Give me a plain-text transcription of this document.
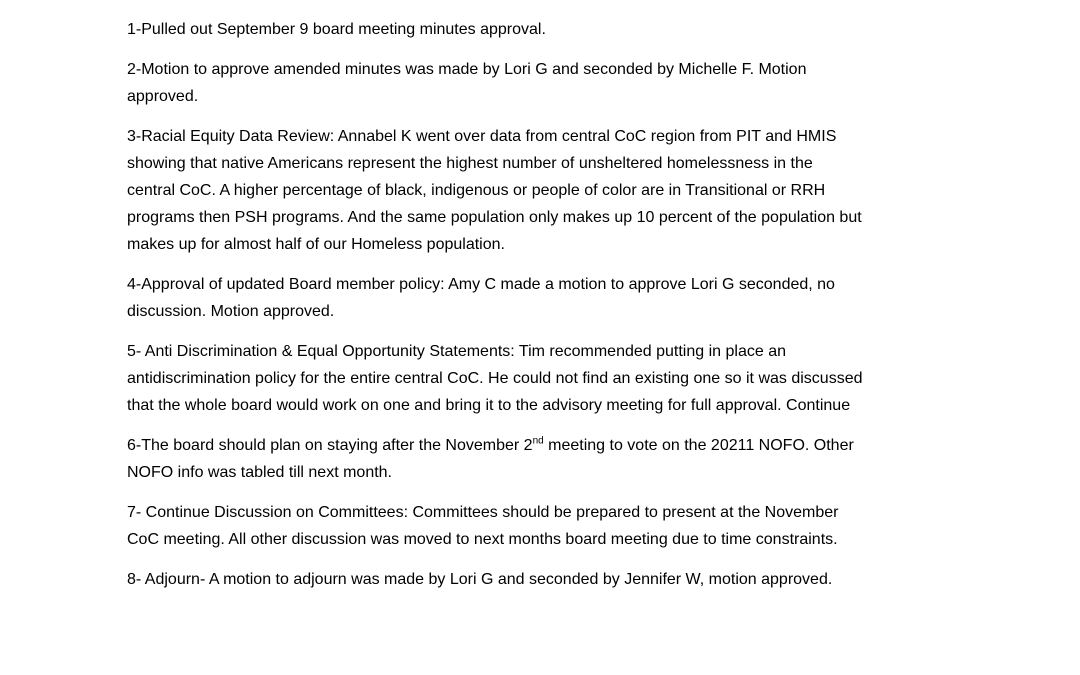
1-Pulled out September 9 board meeting minutes approval.

2-Motion to approve amended minutes was made by Lori G and seconded by Michelle F. Motion
approved.

3-Racial Equity Data Review: Annabel K went over data from central CoC region from PIT and HMIS
showing that native Americans represent the highest number of unsheltered homelessness in the
central CoC. A higher percentage of black, indigenous or people of color are in Transitional or RRH
programs then PSH programs. And the same population only makes up 10 percent of the population but
makes up for almost half of our Homeless population.

4-Approval of updated Board member policy: Amy C made a motion to approve Lori G seconded, no
discussion. Motion approved.

5- Anti Discrimination & Equal Opportunity Statements: Tim recommended putting in place an
antidiscrimination policy for the entire central CoC. He could not find an existing one so it was discussed
that the whole board would work on one and bring it to the advisory meeting for full approval. Continue

6-The board should plan on staying after the November 2nd meeting to vote on the 20211 NOFO. Other
NOFO info was tabled till next month.

7- Continue Discussion on Committees: Committees should be prepared to present at the November
CoC meeting. All other discussion was moved to next months board meeting due to time constraints.

8- Adjourn- A motion to adjourn was made by Lori G and seconded by Jennifer W, motion approved.
